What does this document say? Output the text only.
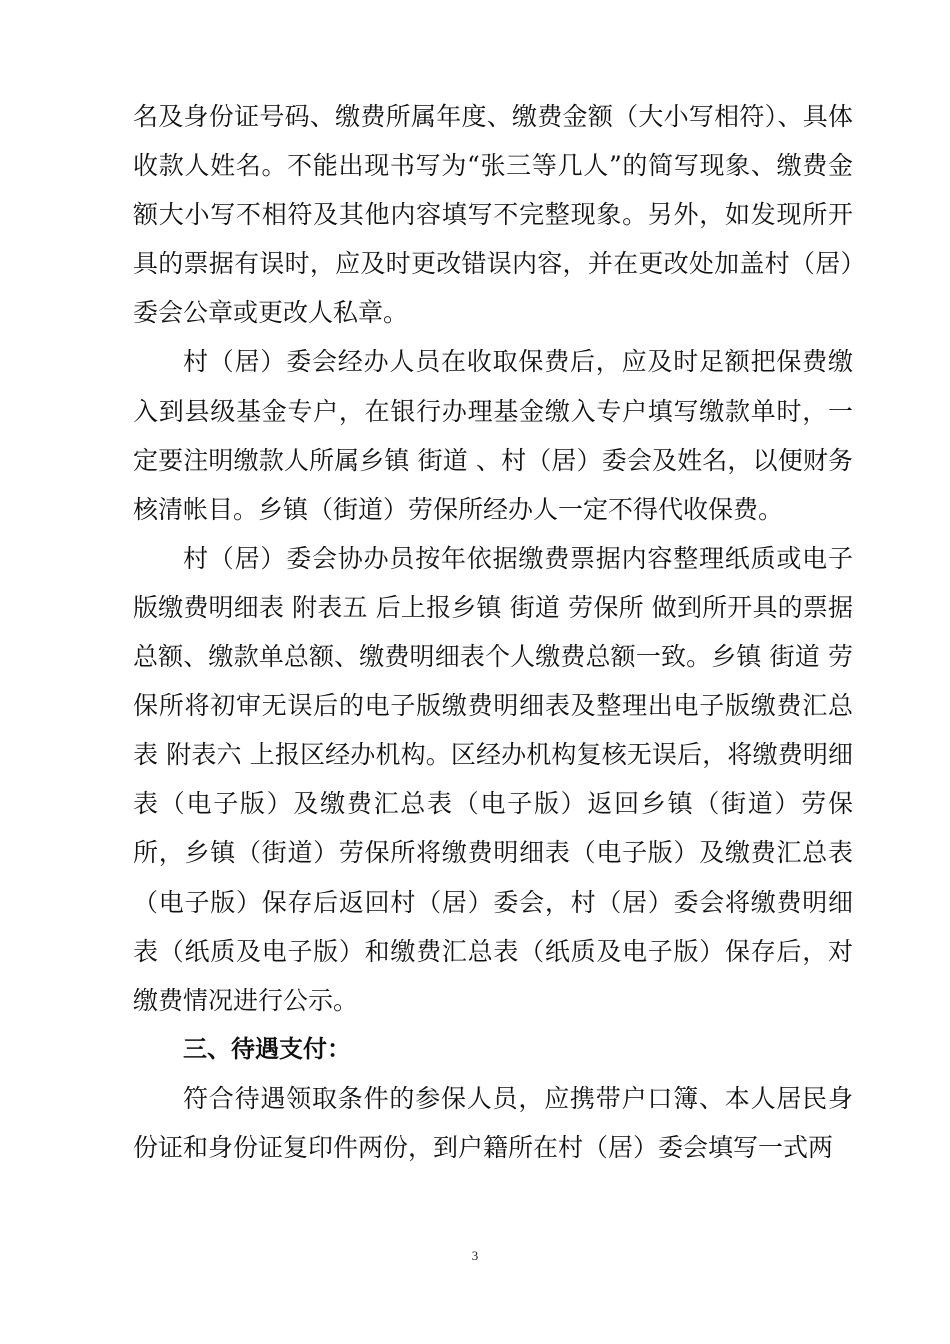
名及身份证号码、缴费所属年度、缴费金额（大小写相符）、具体收款人姓名。不能出现书写为“张三等几人”的简写现象、缴费金额大小写不相符及其他内容填写不完整现象。另外，如发现所开具的票据有误时，应及时更改错误内容，并在更改处加盖村（居）委会公章或更改人私章。

村（居）委会经办人员在收取保费后，应及时足额把保费缴入到县级基金专户，在银行办理基金缴入专户填写缴款单时，一定要注明缴款人所属乡镇 街道 、村（居）委会及姓名，以便财务核清帐目。乡镇（街道）劳保所经办人一定不得代收保费。

村（居）委会协办员按年依据缴费票据内容整理纸质或电子版缴费明细表 附表五 后上报乡镇 街道 劳保所 做到所开具的票据总额、缴款单总额、缴费明细表个人缴费总额一致。乡镇 街道 劳保所将初审无误后的电子版缴费明细表及整理出电子版缴费汇总表 附表六 上报区经办机构。区经办机构复核无误后，将缴费明细表（电子版）及缴费汇总表（电子版）返回乡镇（街道）劳保所，乡镇（街道）劳保所将缴费明细表（电子版）及缴费汇总表（电子版）保存后返回村（居）委会，村（居）委会将缴费明细表（纸质及电子版）和缴费汇总表（纸质及电子版）保存后，对缴费情况进行公示。

三、待遇支付：

符合待遇领取条件的参保人员，应携带户口簿、本人居民身份证和身份证复印件两份，到户籍所在村（居）委会填写一式两

3
